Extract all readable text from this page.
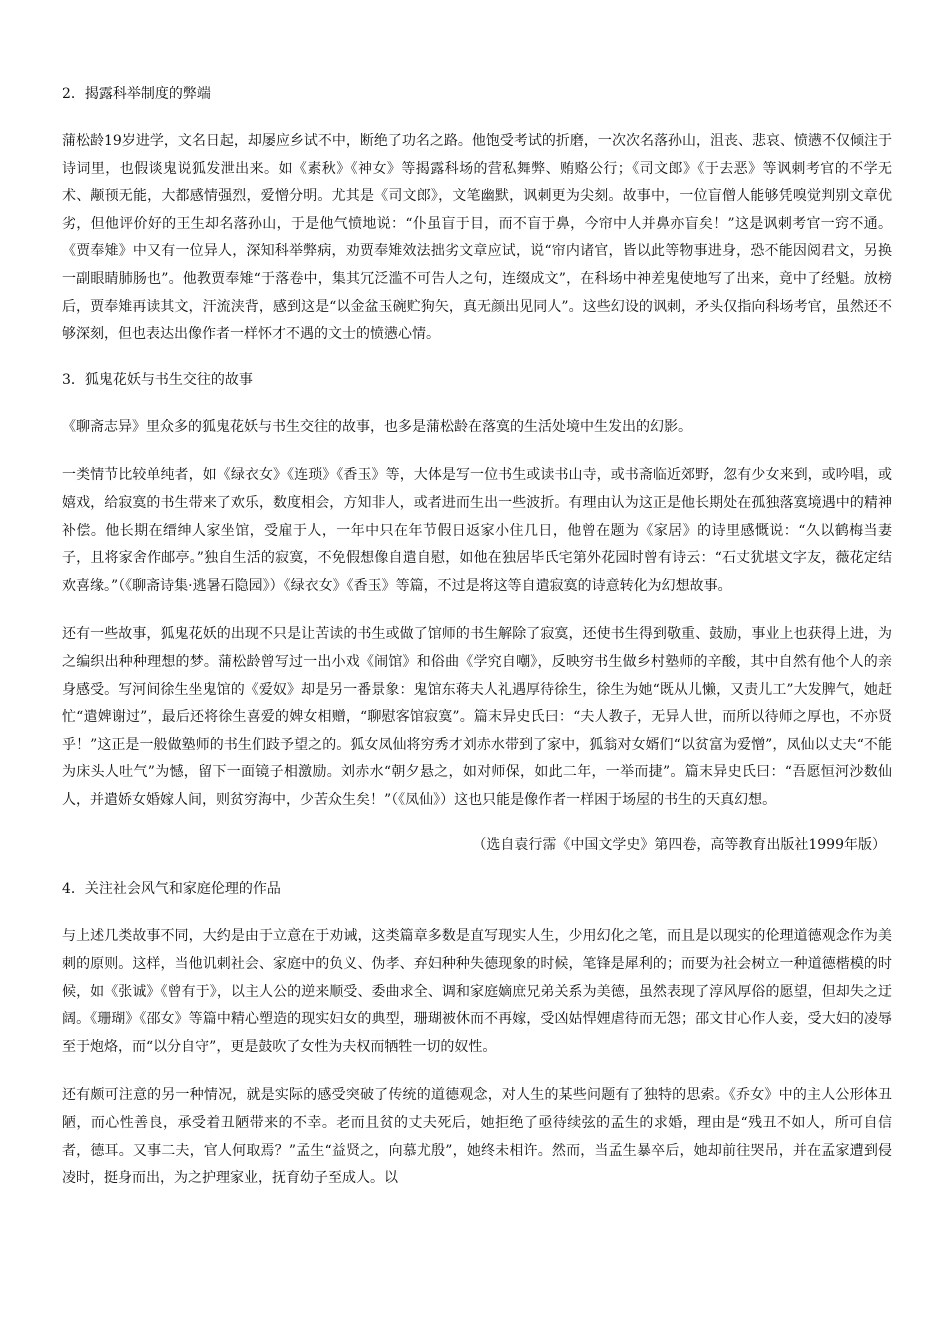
2．揭露科举制度的弊端

蒲松龄19岁进学，文名日起，却屡应乡试不中，断绝了功名之路。他饱受考试的折磨，一次次名落孙山，沮丧、悲哀、愤懑不仅倾注于诗词里，也假谈鬼说狐发泄出来。如《素秋》《神女》等揭露科场的营私舞弊、贿赂公行；《司文郎》《于去恶》等讽刺考官的不学无术、颟顸无能，大都感情强烈，爱憎分明。尤其是《司文郎》，文笔幽默，讽刺更为尖刻。故事中，一位盲僧人能够凭嗅觉判别文章优劣，但他评价好的王生却名落孙山，于是他气愤地说：“仆虽盲于目，而不盲于鼻，今帘中人并鼻亦盲矣！”这是讽刺考官一窍不通。《贾奉雉》中又有一位异人，深知科举弊病，劝贾奉雉效法拙劣文章应试，说“帘内诸官，皆以此等物事进身，恐不能因阅君文，另换一副眼睛肺肠也”。他教贾奉雉“于落卷中，集其冗泛滥不可告人之句，连缀成文”，在科场中神差鬼使地写了出来，竟中了经魁。放榜后，贾奉雉再读其文，汗流浃背，感到这是“以金盆玉碗贮狗矢，真无颜出见同人”。这些幻设的讽刺，矛头仅指向科场考官，虽然还不够深刻，但也表达出像作者一样怀才不遇的文士的愤懑心情。

3．狐鬼花妖与书生交往的故事

《聊斋志异》里众多的狐鬼花妖与书生交往的故事，也多是蒲松龄在落寞的生活处境中生发出的幻影。

一类情节比较单纯者，如《绿衣女》《连琐》《香玉》等，大体是写一位书生或读书山寺，或书斋临近郊野，忽有少女来到，或吟唱，或嬉戏，给寂寞的书生带来了欢乐，数度相会，方知非人，或者进而生出一些波折。有理由认为这正是他长期处在孤独落寞境遇中的精神补偿。他长期在缙绅人家坐馆，受雇于人，一年中只在年节假日返家小住几日，他曾在题为《家居》的诗里感慨说：“久以鹤梅当妻子，且将家舍作邮亭。”独自生活的寂寞，不免假想像自遣自慰，如他在独居毕氏宅第外花园时曾有诗云：“石丈犹堪文字友，薇花定结欢喜缘。”（《聊斋诗集·逃暑石隐园》）《绿衣女》《香玉》等篇，不过是将这等自遣寂寞的诗意转化为幻想故事。

还有一些故事，狐鬼花妖的出现不只是让苦读的书生或做了馆师的书生解除了寂寞，还使书生得到敬重、鼓励，事业上也获得上进，为之编织出种种理想的梦。蒲松龄曾写过一出小戏《闹馆》和俗曲《学究自嘲》，反映穷书生做乡村塾师的辛酸，其中自然有他个人的亲身感受。写河间徐生坐鬼馆的《爱奴》却是另一番景象：鬼馆东蒋夫人礼遇厚待徐生，徐生为她“既从儿懒，又责儿工”大发脾气，她赶忙“遣婢谢过”，最后还将徐生喜爱的婢女相赠，“聊慰客馆寂寞”。篇末异史氏曰：“夫人教子，无异人世，而所以待师之厚也，不亦贤乎！”这正是一般做塾师的书生们跂予望之的。狐女凤仙将穷秀才刘赤水带到了家中，狐翁对女婿们“以贫富为爱憎”，凤仙以丈夫“不能为床头人吐气”为憾，留下一面镜子相激励。刘赤水“朝夕悬之，如对师保，如此二年，一举而捷”。篇末异史氏曰：“吾愿恒河沙数仙人，并遣娇女婚嫁人间，则贫穷海中，少苦众生矣！”（《凤仙》）这也只能是像作者一样困于场屋的书生的天真幻想。

（选自袁行霈《中国文学史》第四卷，高等教育出版社1999年版）

4．关注社会风气和家庭伦理的作品

与上述几类故事不同，大约是由于立意在于劝诫，这类篇章多数是直写现实人生，少用幻化之笔，而且是以现实的伦理道德观念作为美刺的原则。这样，当他讥刺社会、家庭中的负义、伪孝、弃妇种种失德现象的时候，笔锋是犀利的；而要为社会树立一种道德楷模的时候，如《张诚》《曾有于》，以主人公的逆来顺受、委曲求全、调和家庭嫡庶兄弟关系为美德，虽然表现了淳风厚俗的愿望，但却失之迂阔。《珊瑚》《邵女》等篇中精心塑造的现实妇女的典型，珊瑚被休而不再嫁，受凶姑悍娌虐待而无怨；邵文甘心作人妾，受大妇的凌辱至于炮烙，而“以分自守”，更是鼓吹了女性为夫权而牺牲一切的奴性。

还有颇可注意的另一种情况，就是实际的感受突破了传统的道德观念，对人生的某些问题有了独特的思索。《乔女》中的主人公形体丑陋，而心性善良，承受着丑陋带来的不幸。老而且贫的丈夫死后，她拒绝了亟待续弦的孟生的求婚，理由是“残丑不如人，所可自信者，德耳。又事二夫，官人何取焉？”孟生“益贤之，向慕尤殷”，她终未相许。然而，当孟生暴卒后，她却前往哭吊，并在孟家遭到侵凌时，挺身而出，为之护理家业，抚育幼子至成人。以
